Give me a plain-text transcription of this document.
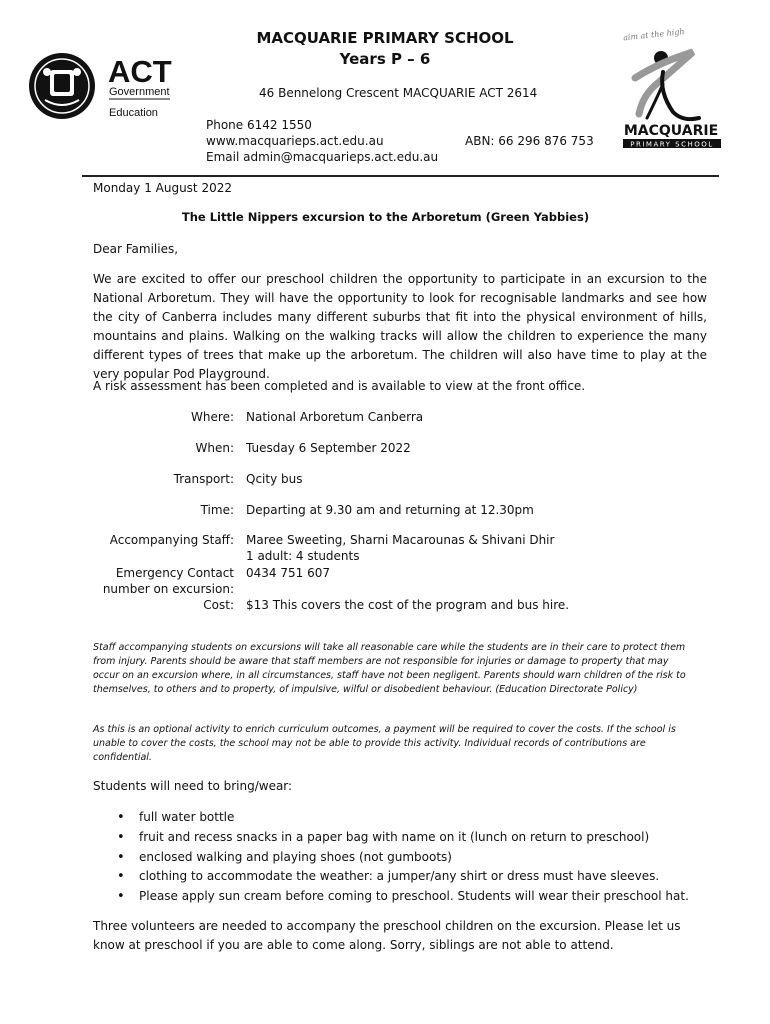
ACT
Government
Education
aim at the high
MACQUARIE
PRIMARY SCHOOL
MACQUARIE PRIMARY SCHOOL
Years P – 6
46 Bennelong Crescent MACQUARIE ACT 2614
Phone 6142 1550
www.macquarieps.act.edu.au
Email admin@macquarieps.act.edu.au
ABN: 66 296 876 753
Monday 1 August 2022
The Little Nippers excursion to the Arboretum (Green Yabbies)
Dear Families,
We are excited to offer our preschool children the opportunity to participate in an excursion to the National Arboretum. They will have the opportunity to look for recognisable landmarks and see how the city of Canberra includes many different suburbs that fit into the physical environment of hills, mountains and plains. Walking on the walking tracks will allow the children to experience the many different types of trees that make up the arboretum. The children will also have time to play at the very popular Pod Playground.
A risk assessment has been completed and is available to view at the front office.
Where: National Arboretum Canberra
When: Tuesday 6 September 2022
Transport: Qcity bus
Time: Departing at 9.30 am and returning at 12.30pm
Accompanying Staff: Maree Sweeting, Sharni Macarounas & Shivani Dhir
1 adult: 4 students
Emergency Contact
number on excursion:
0434 751 607
Cost: $13 This covers the cost of the program and bus hire.
Staff accompanying students on excursions will take all reasonable care while the students are in their care to protect them from injury. Parents should be aware that staff members are not responsible for injuries or damage to property that may occur on an excursion where, in all circumstances, staff have not been negligent. Parents should warn children of the risk to themselves, to others and to property, of impulsive, wilful or disobedient behaviour. (Education Directorate Policy)
As this is an optional activity to enrich curriculum outcomes, a payment will be required to cover the costs. If the school is unable to cover the costs, the school may not be able to provide this activity. Individual records of contributions are confidential.
Students will need to bring/wear:
• full water bottle
• fruit and recess snacks in a paper bag with name on it (lunch on return to preschool)
• enclosed walking and playing shoes (not gumboots)
• clothing to accommodate the weather: a jumper/any shirt or dress must have sleeves.
• Please apply sun cream before coming to preschool. Students will wear their preschool hat.
Three volunteers are needed to accompany the preschool children on the excursion. Please let us know at preschool if you are able to come along. Sorry, siblings are not able to attend.
